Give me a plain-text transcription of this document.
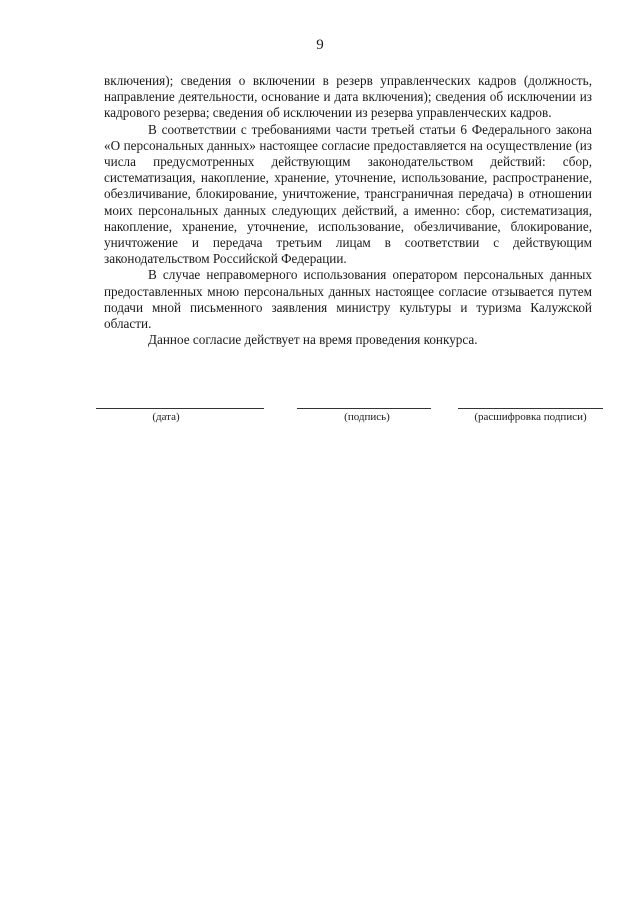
9

включения); сведения о включении в резерв управленческих кадров (должность, направление деятельности, основание и дата включения); сведения об исключении из кадрового резерва; сведения об исключении из резерва управленческих кадров.

В соответствии с требованиями части третьей статьи 6 Федерального закона «О персональных данных» настоящее согласие предоставляется на осуществление (из числа предусмотренных действующим законодательством действий: сбор, систематизация, накопление, хранение, уточнение, использование, распространение, обезличивание, блокирование, уничтожение, трансграничная передача) в отношении моих персональных данных следующих действий, а именно: сбор, систематизация, накопление, хранение, уточнение, использование, обезличивание, блокирование, уничтожение и передача третьим лицам в соответствии с действующим законодательством Российской Федерации.

В случае неправомерного использования оператором персональных данных предоставленных мною персональных данных настоящее согласие отзывается путем подачи мной письменного заявления министру культуры и туризма Калужской области.

Данное согласие действует на время проведения конкурса.

(дата)	(подпись)	(расшифровка подписи)
